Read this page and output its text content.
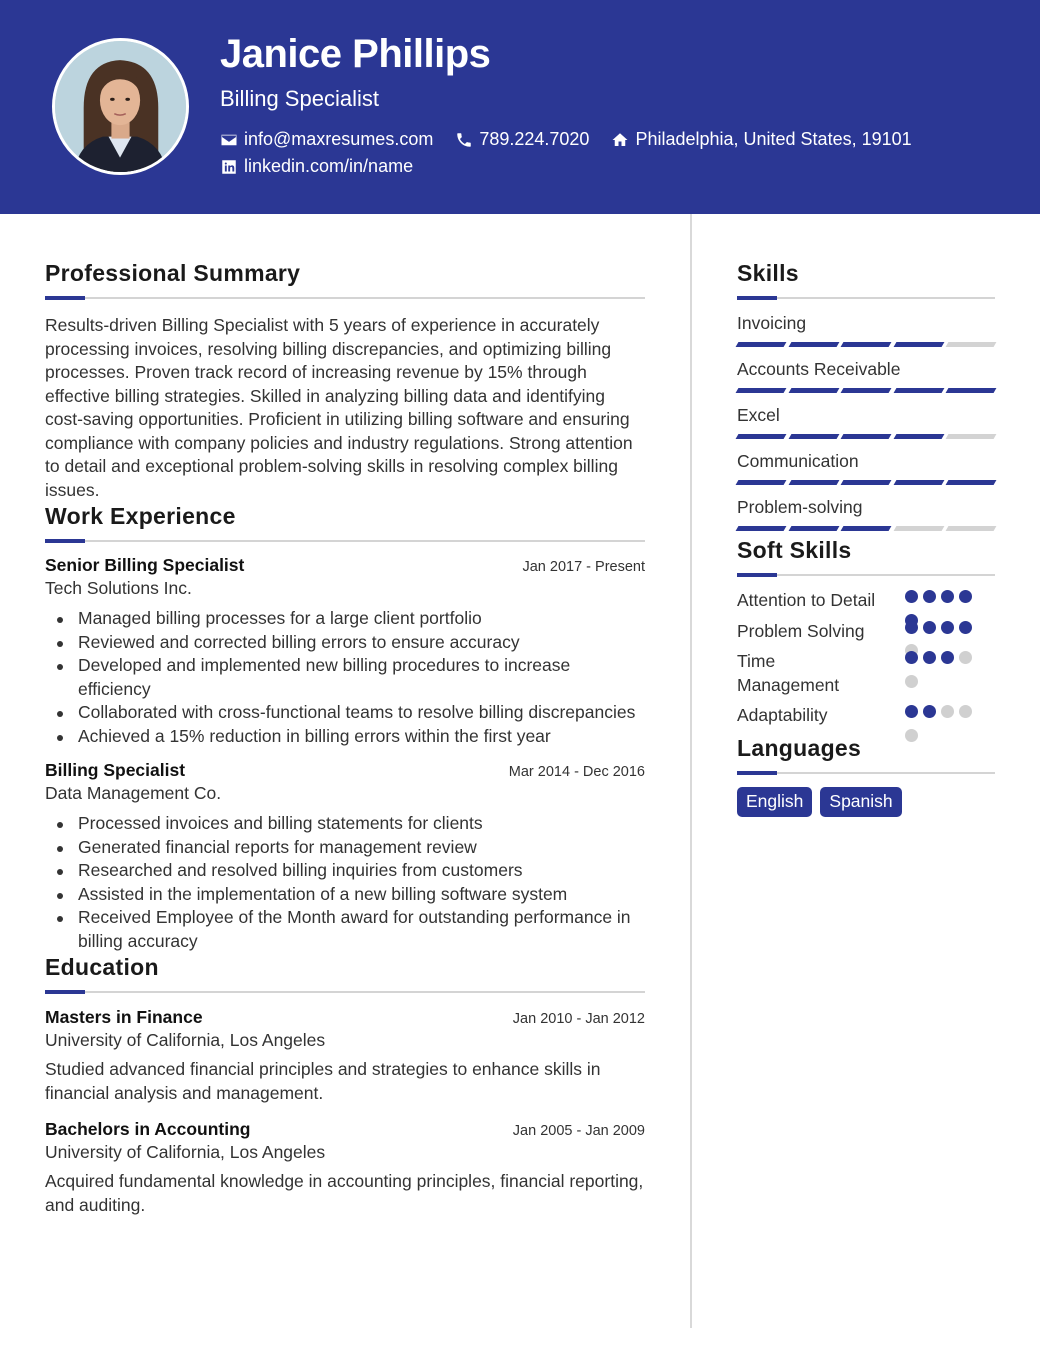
Janice Phillips
Billing Specialist
info@maxresumes.com	789.224.7020	Philadelphia, United States, 19101
linkedin.com/in/name
Professional Summary

Results-driven Billing Specialist with 5 years of experience in accurately processing invoices, resolving billing discrepancies, and optimizing billing processes. Proven track record of increasing revenue by 15% through effective billing strategies. Skilled in analyzing billing data and identifying cost-saving opportunities. Proficient in utilizing billing software and ensuring compliance with company policies and industry regulations. Strong attention to detail and exceptional problem-solving skills in resolving complex billing issues.

Work Experience
Senior Billing Specialist	Jan 2017 - Present
Tech Solutions Inc.
Managed billing processes for a large client portfolio
Reviewed and corrected billing errors to ensure accuracy
Developed and implemented new billing procedures to increase efficiency
Collaborated with cross-functional teams to resolve billing discrepancies
Achieved a 15% reduction in billing errors within the first year
Billing Specialist	Mar 2014 - Dec 2016
Data Management Co.
Processed invoices and billing statements for clients
Generated financial reports for management review
Researched and resolved billing inquiries from customers
Assisted in the implementation of a new billing software system
Received Employee of the Month award for outstanding performance in billing accuracy
Education
Masters in Finance	Jan 2010 - Jan 2012
University of California, Los Angeles

Studied advanced financial principles and strategies to enhance skills in financial analysis and management.

Bachelors in Accounting	Jan 2005 - Jan 2009
University of California, Los Angeles

Acquired fundamental knowledge in accounting principles, financial reporting, and auditing.

Skills
Invoicing
Accounts Receivable
Excel
Communication
Problem-solving
Soft Skills
Attention to Detail
Problem Solving
Time Management
Adaptability
Languages
English	Spanish
